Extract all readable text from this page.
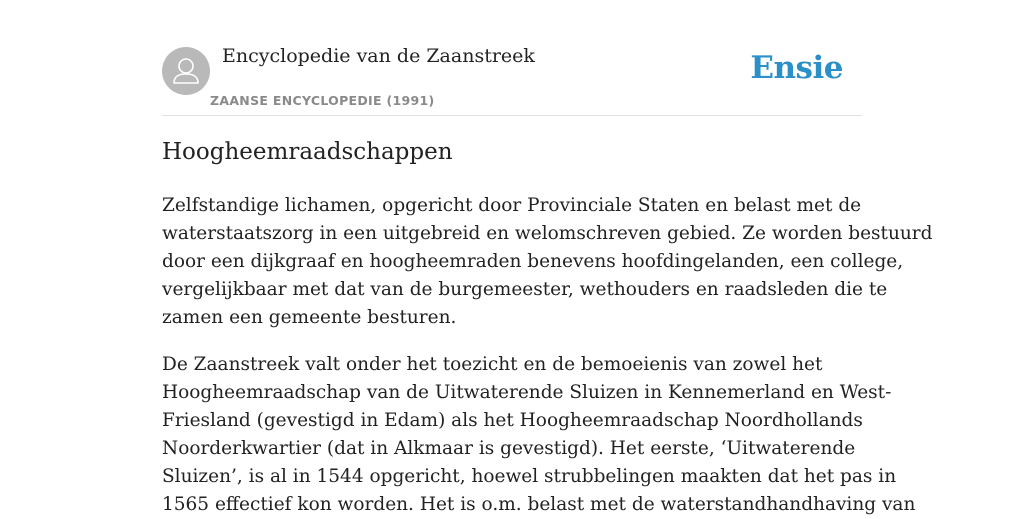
Encyclopedie van de Zaanstreek
ZAANSE ENCYCLOPEDIE (1991)
Ensie
Hoogheemraadschappen
Zelfstandige lichamen, opgericht door Provinciale Staten en belast met de
waterstaatszorg in een uitgebreid en welomschreven gebied. Ze worden bestuurd
door een dijkgraaf en hoogheemraden benevens hoofdingelanden, een college,
vergelijkbaar met dat van de burgemeester, wethouders en raadsleden die te
zamen een gemeente besturen.
De Zaanstreek valt onder het toezicht en de bemoeienis van zowel het
Hoogheemraadschap van de Uitwaterende Sluizen in Kennemerland en West-
Friesland (gevestigd in Edam) als het Hoogheemraadschap Noordhollands
Noorderkwartier (dat in Alkmaar is gevestigd). Het eerste, ‘Uitwaterende
Sluizen’, is al in 1544 opgericht, hoewel strubbelingen maakten dat het pas in
1565 effectief kon worden. Het is o.m. belast met de waterstandhandhaving van
